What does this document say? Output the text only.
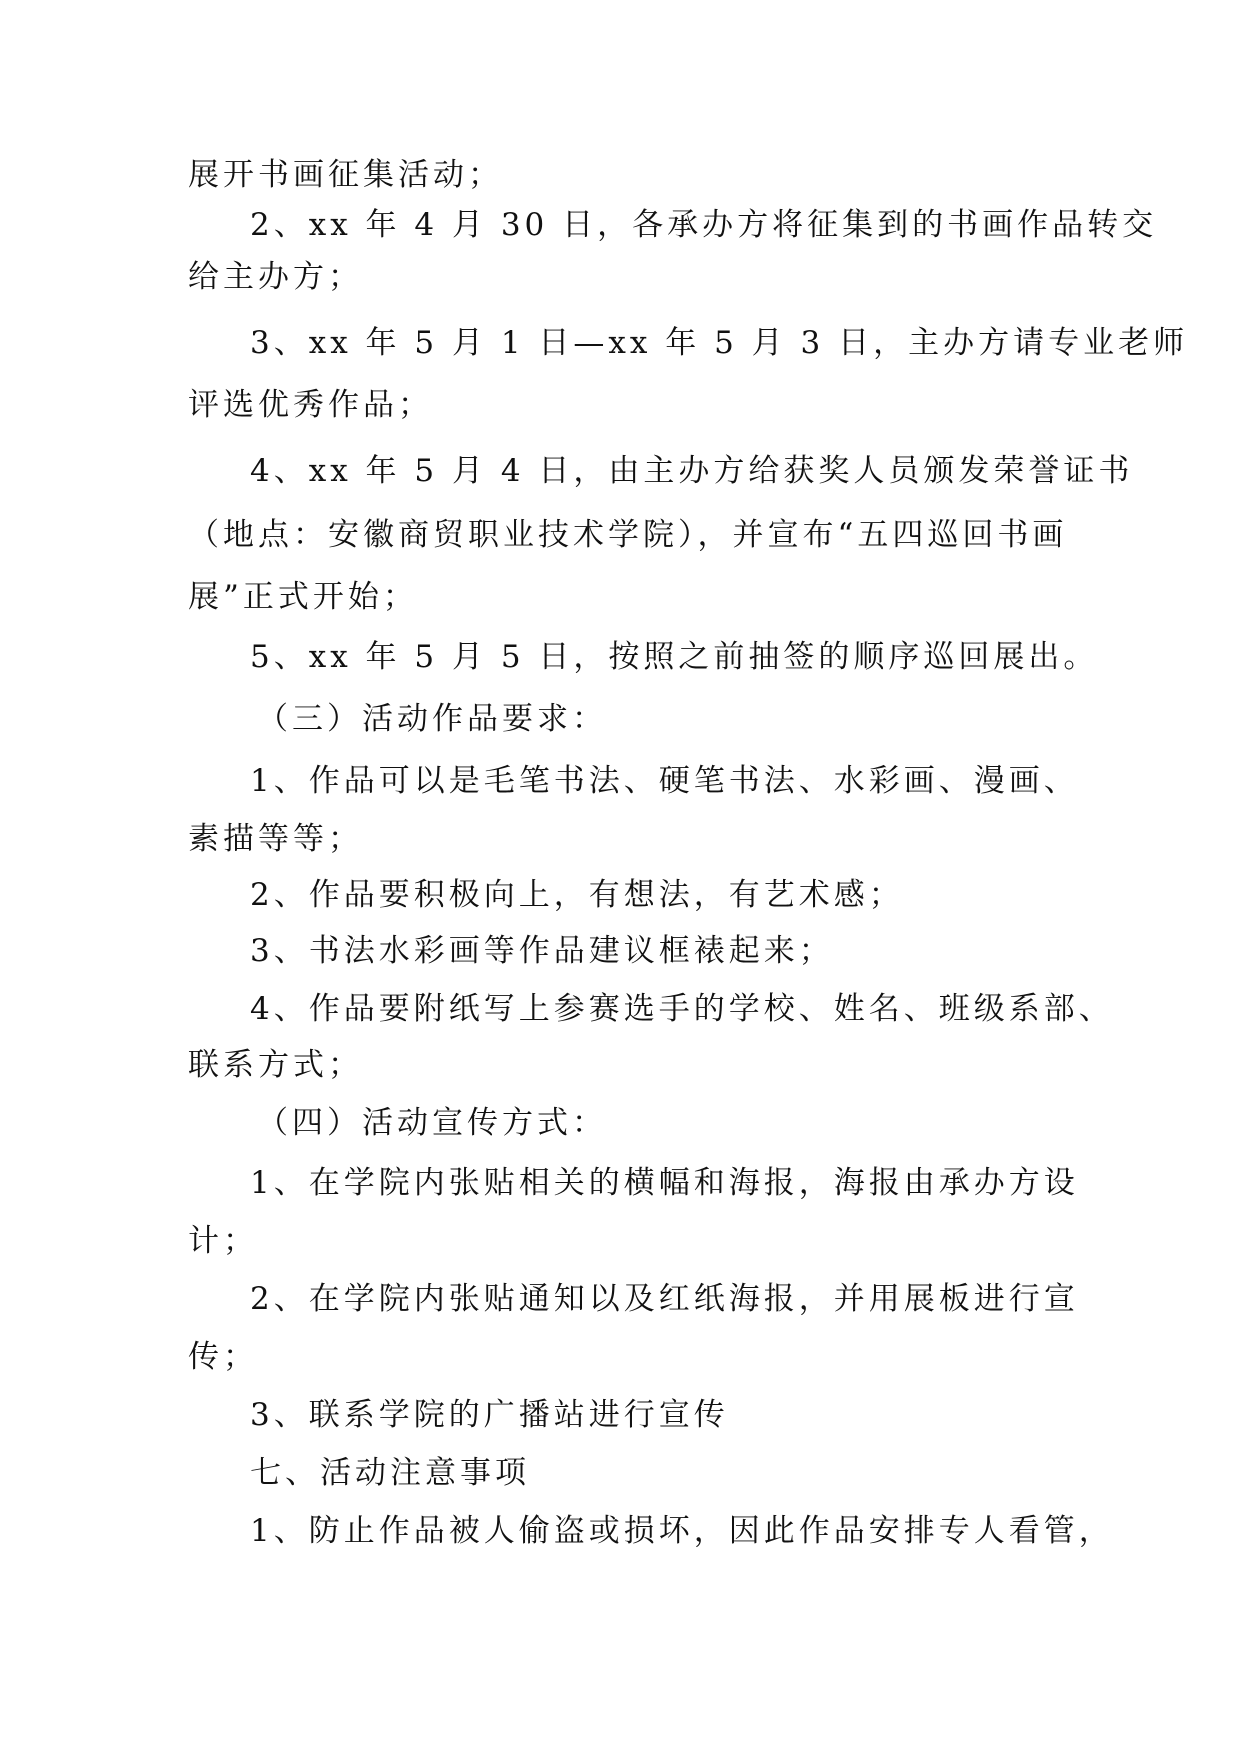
展开书画征集活动；
2、xx 年 4 月 30 日，各承办方将征集到的书画作品转交
给主办方；
3、xx 年 5 月 1 日—xx 年 5 月 3 日，主办方请专业老师
评选优秀作品；
4、xx 年 5 月 4 日，由主办方给获奖人员颁发荣誉证书
（地点：安徽商贸职业技术学院），并宣布“五四巡回书画
展”正式开始；
5、xx 年 5 月 5 日，按照之前抽签的顺序巡回展出。
（三）活动作品要求：
1、作品可以是毛笔书法、硬笔书法、水彩画、漫画、
素描等等；
2、作品要积极向上，有想法，有艺术感；
3、书法水彩画等作品建议框裱起来；
4、作品要附纸写上参赛选手的学校、姓名、班级系部、
联系方式；
（四）活动宣传方式：
1、在学院内张贴相关的横幅和海报，海报由承办方设
计；
2、在学院内张贴通知以及红纸海报，并用展板进行宣
传；
3、联系学院的广播站进行宣传
七、活动注意事项
1、防止作品被人偷盗或损坏，因此作品安排专人看管，
